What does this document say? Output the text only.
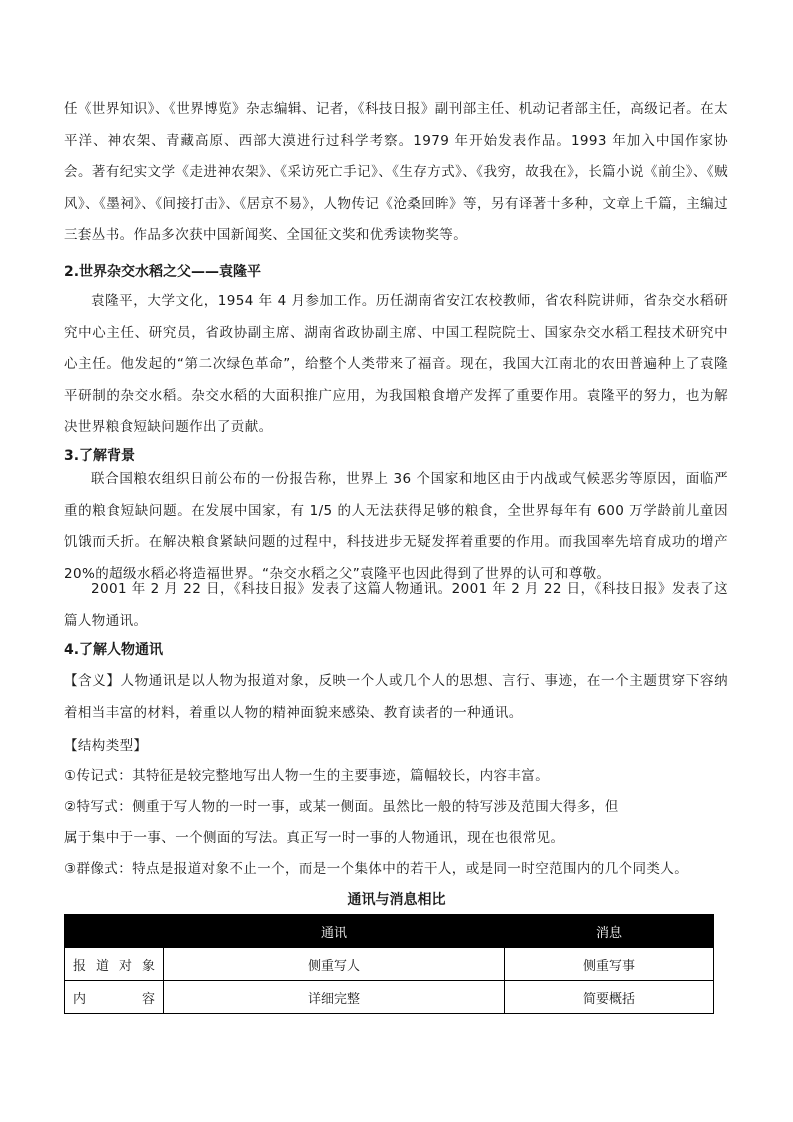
任《世界知识》、《世界博览》杂志编辑、记者，《科技日报》副刊部主任、机动记者部主任，高级记者。在太平洋、神农架、青藏高原、西部大漠进行过科学考察。1979 年开始发表作品。1993 年加入中国作家协会。著有纪实文学《走进神农架》、《采访死亡手记》、《生存方式》、《我穷，故我在》，长篇小说《前尘》、《贼风》、《墨祠》、《间接打击》、《居京不易》，人物传记《沧桑回眸》等，另有译著十多种，文章上千篇，主编过三套丛书。作品多次获中国新闻奖、全国征文奖和优秀读物奖等。

2.世界杂交水稻之父——袁隆平

袁隆平，大学文化，1954 年 4 月参加工作。历任湖南省安江农校教师，省农科院讲师，省杂交水稻研究中心主任、研究员，省政协副主席、湖南省政协副主席、中国工程院院士、国家杂交水稻工程技术研究中心主任。他发起的“第二次绿色革命”，给整个人类带来了福音。现在，我国大江南北的农田普遍种上了袁隆平研制的杂交水稻。杂交水稻的大面积推广应用，为我国粮食增产发挥了重要作用。袁隆平的努力，也为解决世界粮食短缺问题作出了贡献。

3.了解背景

联合国粮农组织日前公布的一份报告称，世界上 36 个国家和地区由于内战或气候恶劣等原因，面临严重的粮食短缺问题。在发展中国家，有 1/5 的人无法获得足够的粮食，全世界每年有 600 万学龄前儿童因饥饿而夭折。在解决粮食紧缺问题的过程中，科技进步无疑发挥着重要的作用。而我国率先培育成功的增产 20%的超级水稻必将造福世界。“杂交水稻之父”袁隆平也因此得到了世界的认可和尊敬。

2001 年 2 月 22 日，《科技日报》发表了这篇人物通讯。2001 年 2 月 22 日，《科技日报》发表了这篇人物通讯。

4.了解人物通讯

【含义】人物通讯是以人物为报道对象，反映一个人或几个人的思想、言行、事迹，在一个主题贯穿下容纳着相当丰富的材料，着重以人物的精神面貌来感染、教育读者的一种通讯。

【结构类型】

①传记式：其特征是较完整地写出人物一生的主要事迹，篇幅较长，内容丰富。

②特写式：侧重于写人物的一时一事，或某一侧面。虽然比一般的特写涉及范围大得多，但

属于集中于一事、一个侧面的写法。真正写一时一事的人物通讯，现在也很常见。

③群像式：特点是报道对象不止一个，而是一个集体中的若干人，或是同一时空范围内的几个同类人。

通讯与消息相比

	通讯	消息
报道对象	侧重写人	侧重写事
内容	详细完整	简要概括
